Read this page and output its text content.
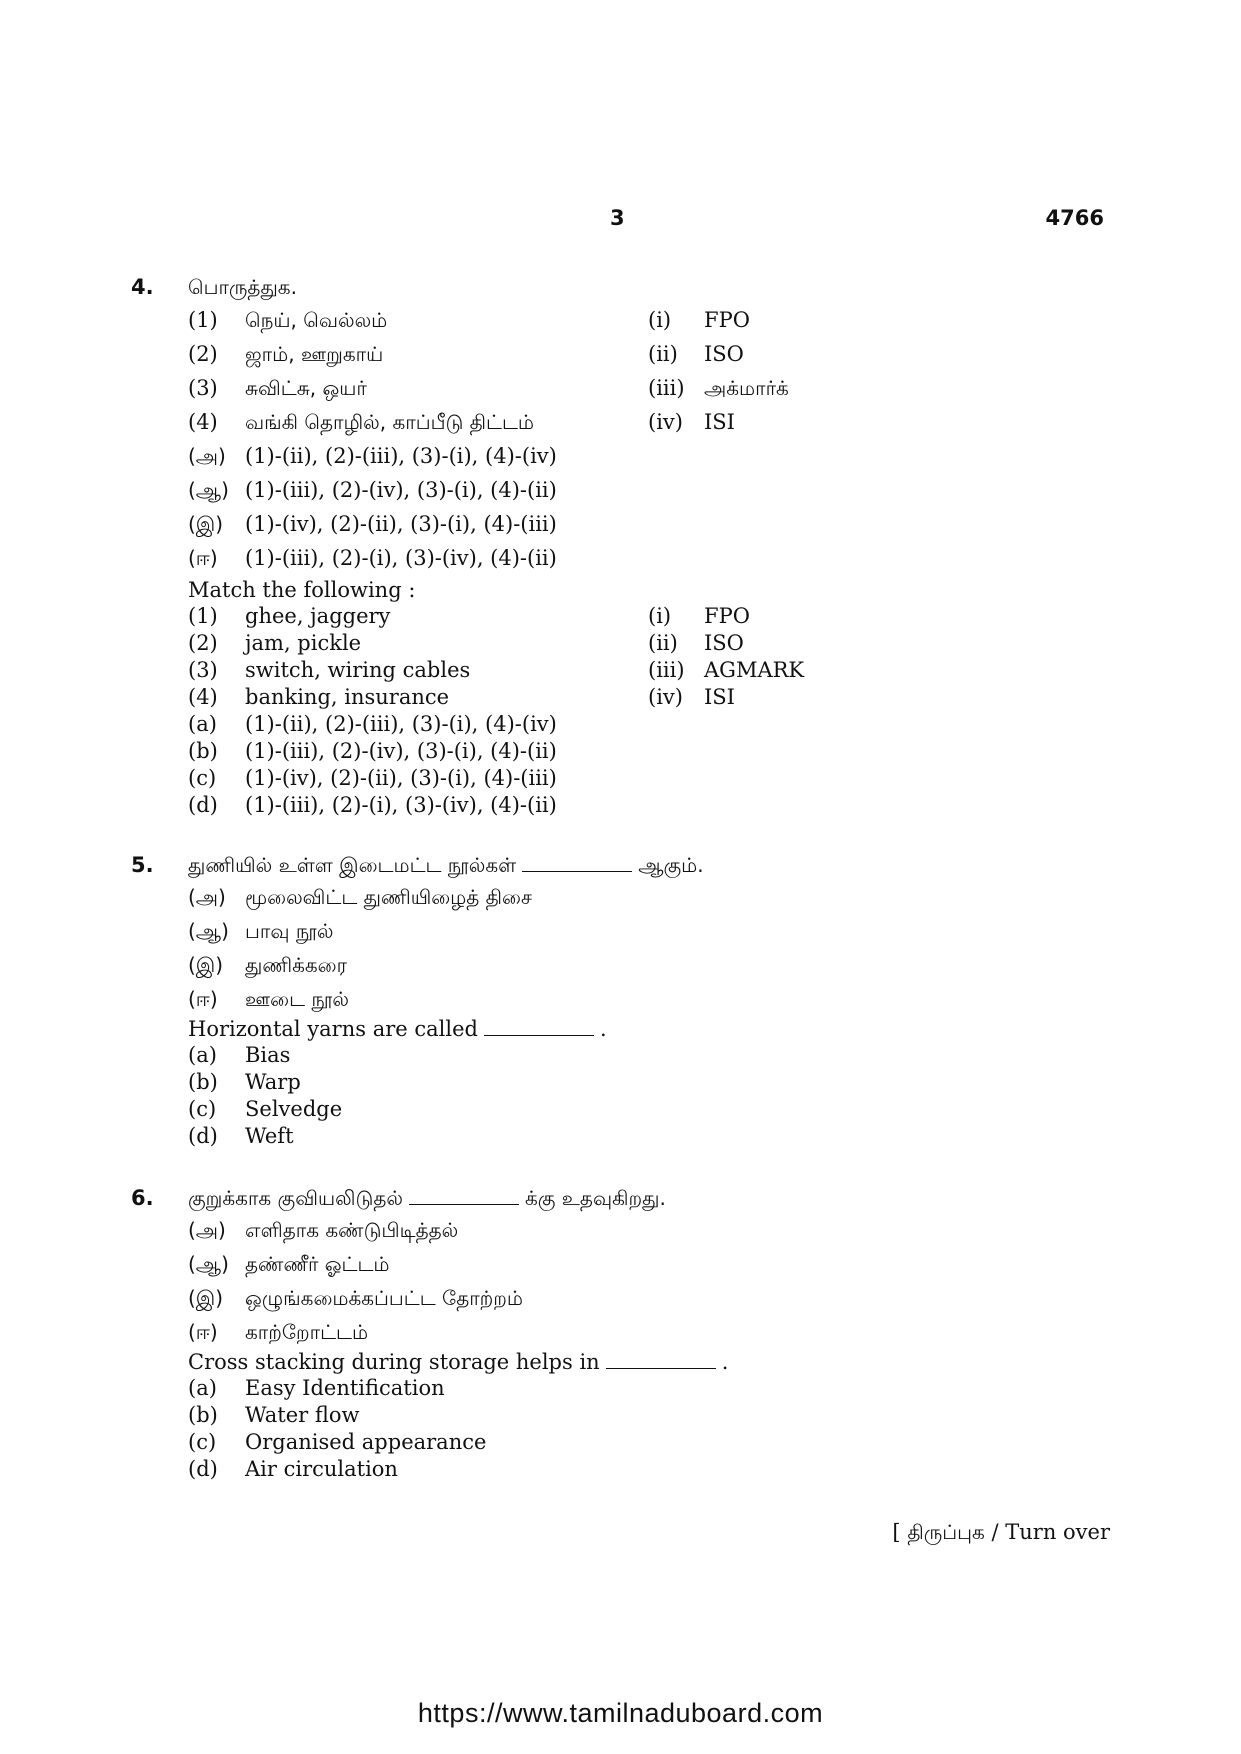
3	4766
4. பொருத்துக.
(1) நெய், வெல்லம்	(i) FPO
(2) ஜாம், ஊறுகாய்	(ii) ISO
(3) சுவிட்சு, ஒயர்	(iii) அக்மார்க்
(4) வங்கி தொழில், காப்பீடு திட்டம்	(iv) ISI
(அ) (1)-(ii), (2)-(iii), (3)-(i), (4)-(iv)
(ஆ) (1)-(iii), (2)-(iv), (3)-(i), (4)-(ii)
(இ) (1)-(iv), (2)-(ii), (3)-(i), (4)-(iii)
(ஈ) (1)-(iii), (2)-(i), (3)-(iv), (4)-(ii)
Match the following :
(1) ghee, jaggery	(i) FPO
(2) jam, pickle	(ii) ISO
(3) switch, wiring cables	(iii) AGMARK
(4) banking, insurance	(iv) ISI
(a) (1)-(ii), (2)-(iii), (3)-(i), (4)-(iv)
(b) (1)-(iii), (2)-(iv), (3)-(i), (4)-(ii)
(c) (1)-(iv), (2)-(ii), (3)-(i), (4)-(iii)
(d) (1)-(iii), (2)-(i), (3)-(iv), (4)-(ii)
5. துணியில் உள்ள இடைமட்ட நூல்கள்	ஆகும்.
(அ) மூலைவிட்ட துணியிழைத் திசை
(ஆ) பாவு நூல்
(இ) துணிக்கரை
(ஈ) ஊடை நூல்
Horizontal yarns are called	.
(a) Bias
(b) Warp
(c) Selvedge
(d) Weft
6. குறுக்காக குவியலிடுதல்	க்கு உதவுகிறது.
(அ) எளிதாக கண்டுபிடித்தல்
(ஆ) தண்ணீர் ஓட்டம்
(இ) ஒழுங்கமைக்கப்பட்ட தோற்றம்
(ஈ) காற்றோட்டம்
Cross stacking during storage helps in	.
(a) Easy Identification
(b) Water flow
(c) Organised appearance
(d) Air circulation
[ திருப்புக / Turn over
https://www.tamilnaduboard.com
